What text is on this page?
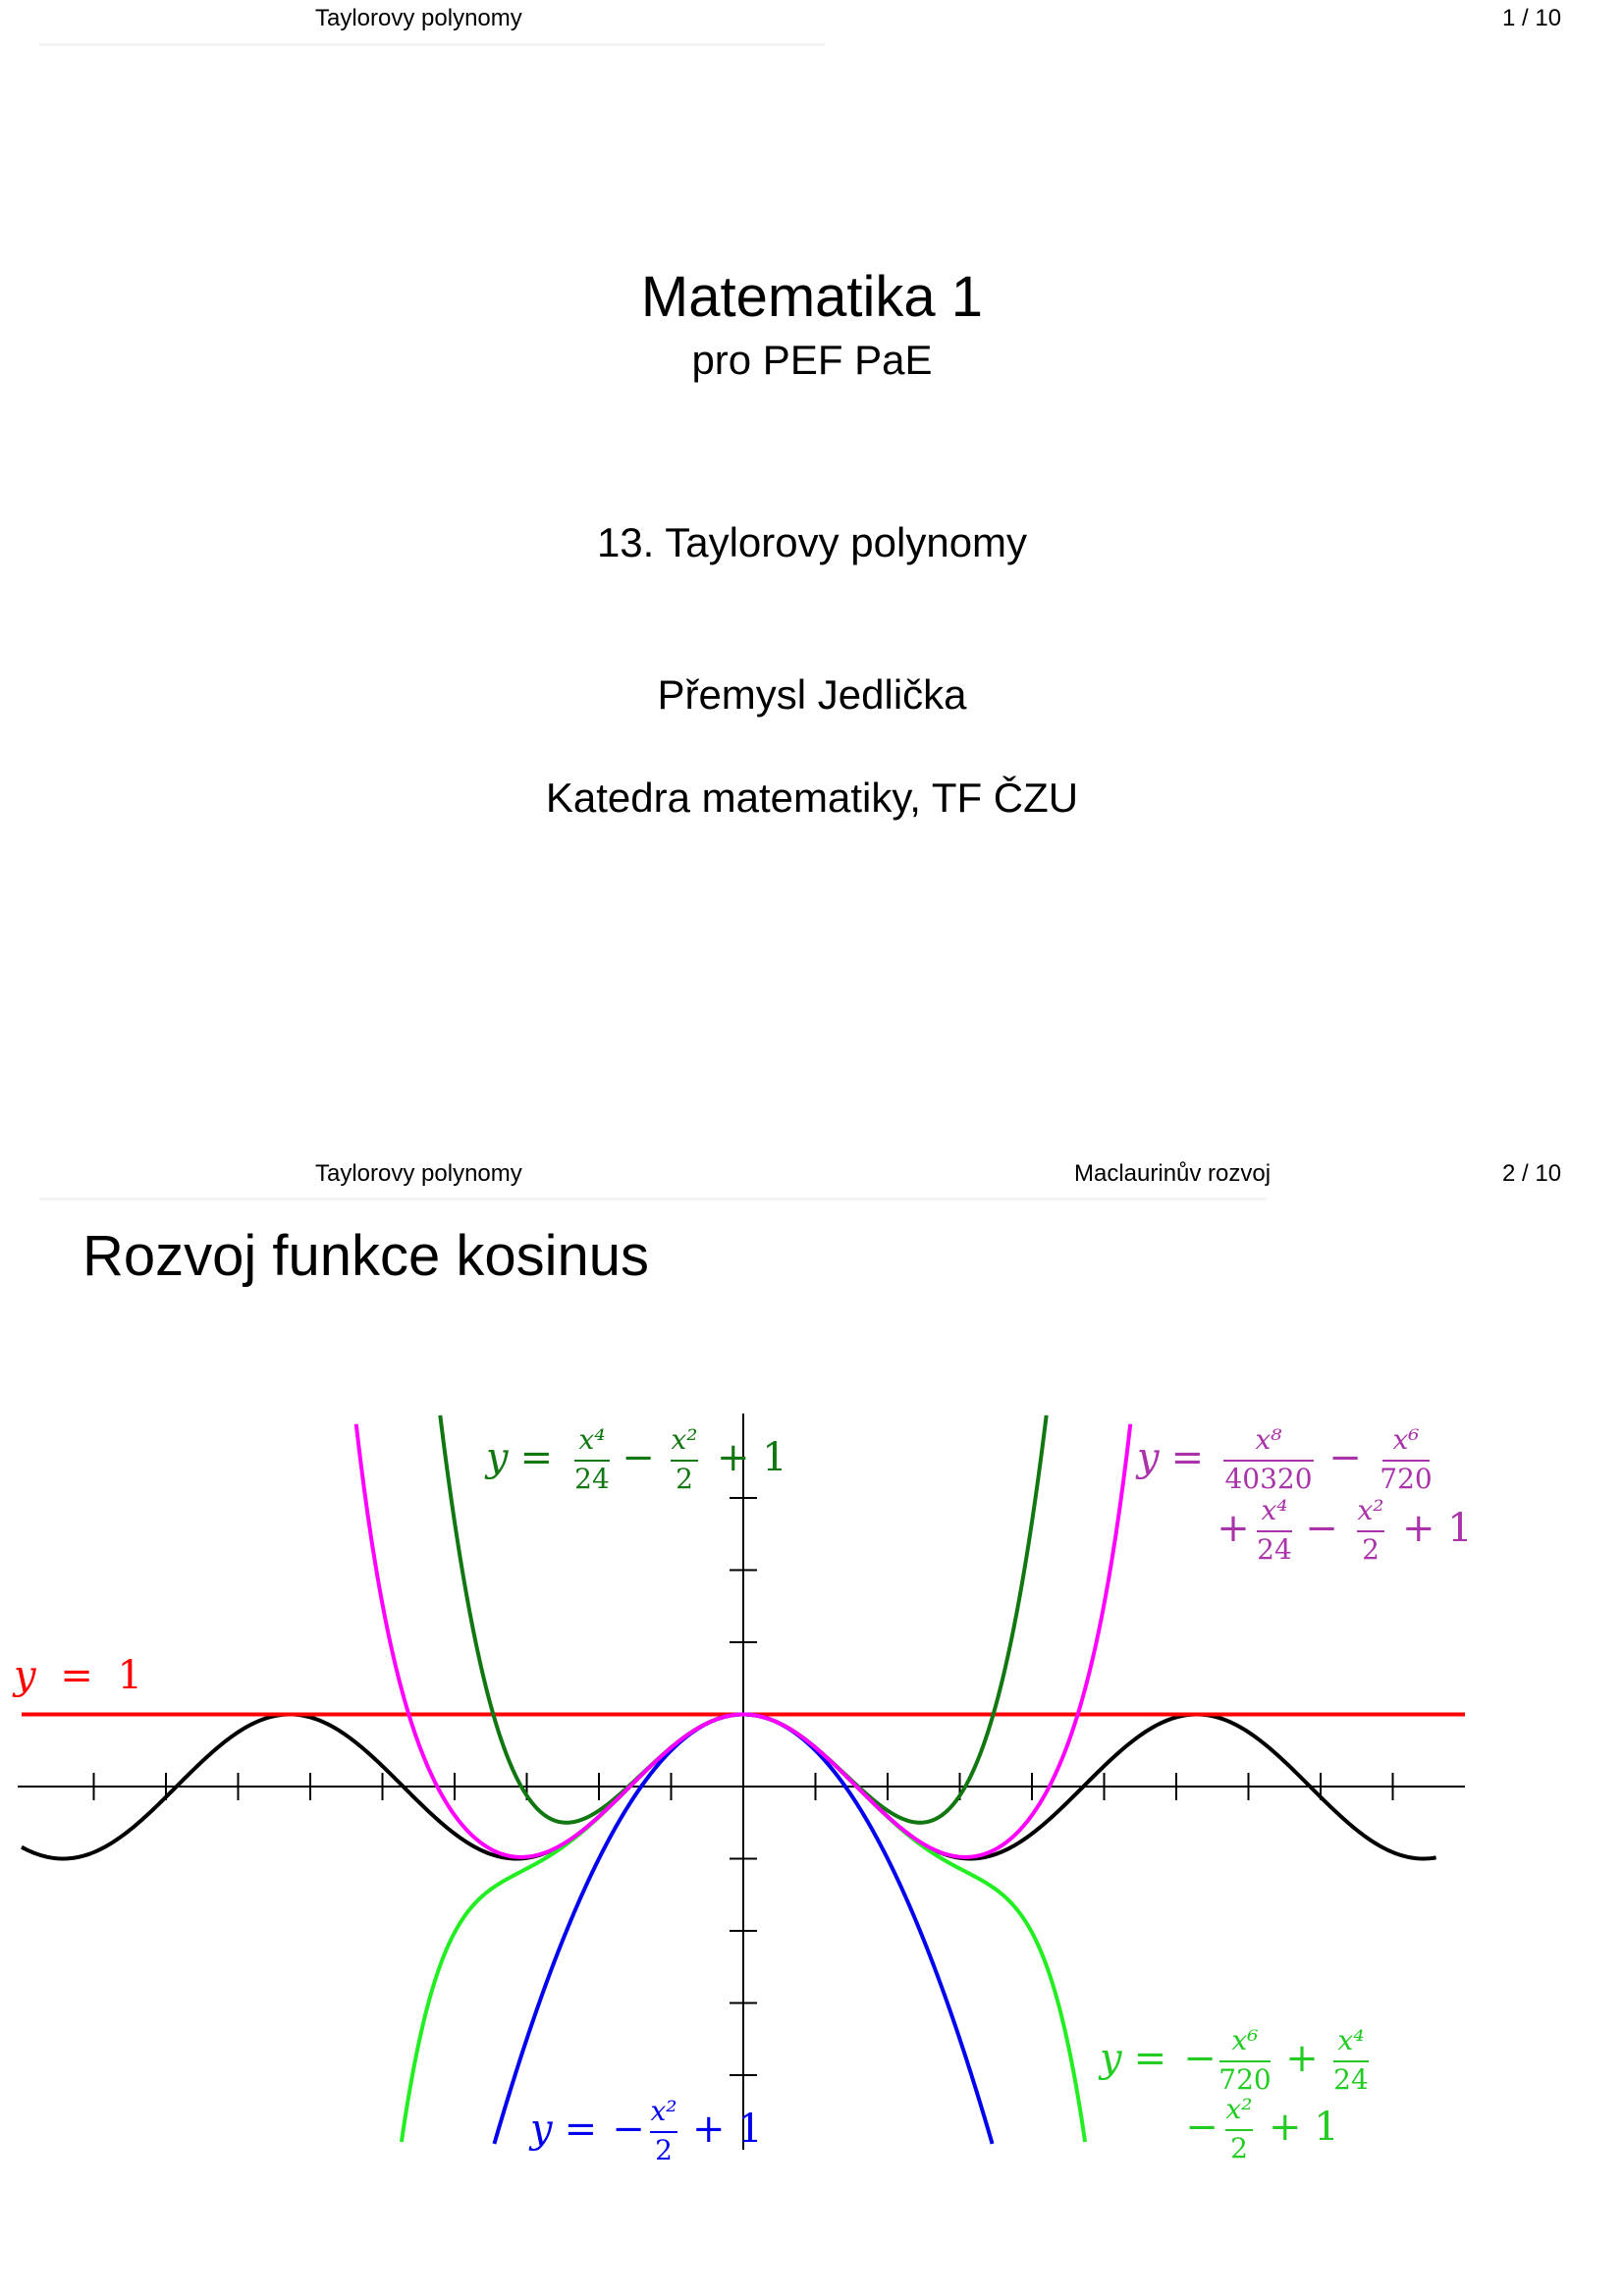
Taylorovy polynomy	1 / 10
Matematika 1
pro PEF PaE
13. Taylorovy polynomy
Přemysl Jedlička
Katedra matematiky, TF ČZU
Taylorovy polynomy	Maclaurinův rozvoj	2 / 10
Rozvoj funkce kosinus
y = 1
y = x⁴
24 − x²
2 + 1	y = x⁸
40320 − x⁶
720
+ x⁴
24 − x²
2 + 1
y = − x⁶
720 + x⁴
24
− x²
2 + 1
y = − x²
2 + 1
